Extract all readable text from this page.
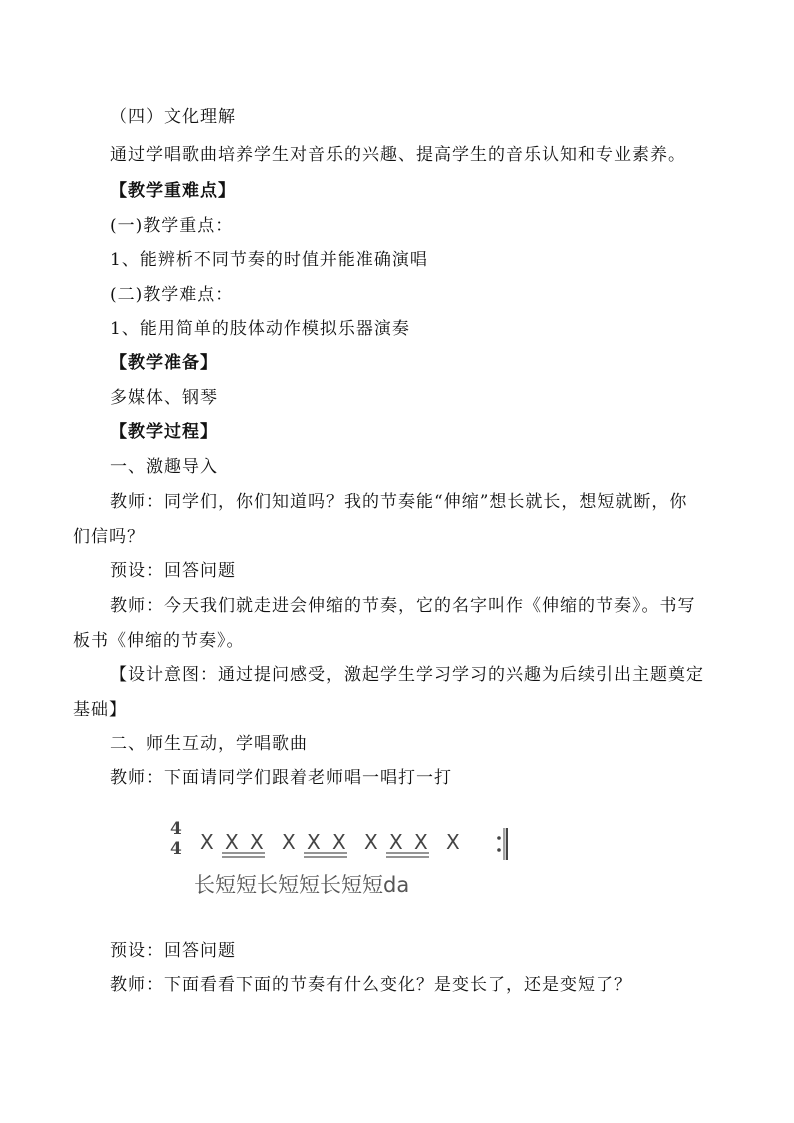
（四）文化理解
通过学唱歌曲培养学生对音乐的兴趣、提高学生的音乐认知和专业素养。
【教学重难点】
(一)教学重点：
1、能辨析不同节奏的时值并能准确演唱
(二)教学难点：
1、能用简单的肢体动作模拟乐器演奏
【教学准备】
多媒体、钢琴
【教学过程】
一、激趣导入
教师：同学们，你们知道吗？我的节奏能“伸缩”想长就长，想短就断，你
们信吗？
预设：回答问题
教师：今天我们就走进会伸缩的节奏，它的名字叫作《伸缩的节奏》。书写
板书《伸缩的节奏》。
【设计意图：通过提问感受，激起学生学习学习的兴趣为后续引出主题奠定
基础】
二、师生互动，学唱歌曲
教师：下面请同学们跟着老师唱一唱打一打
4
4 X X X X X X X X X X
长短短长短短长短短da
预设：回答问题
教师：下面看看下面的节奏有什么变化？是变长了，还是变短了？
